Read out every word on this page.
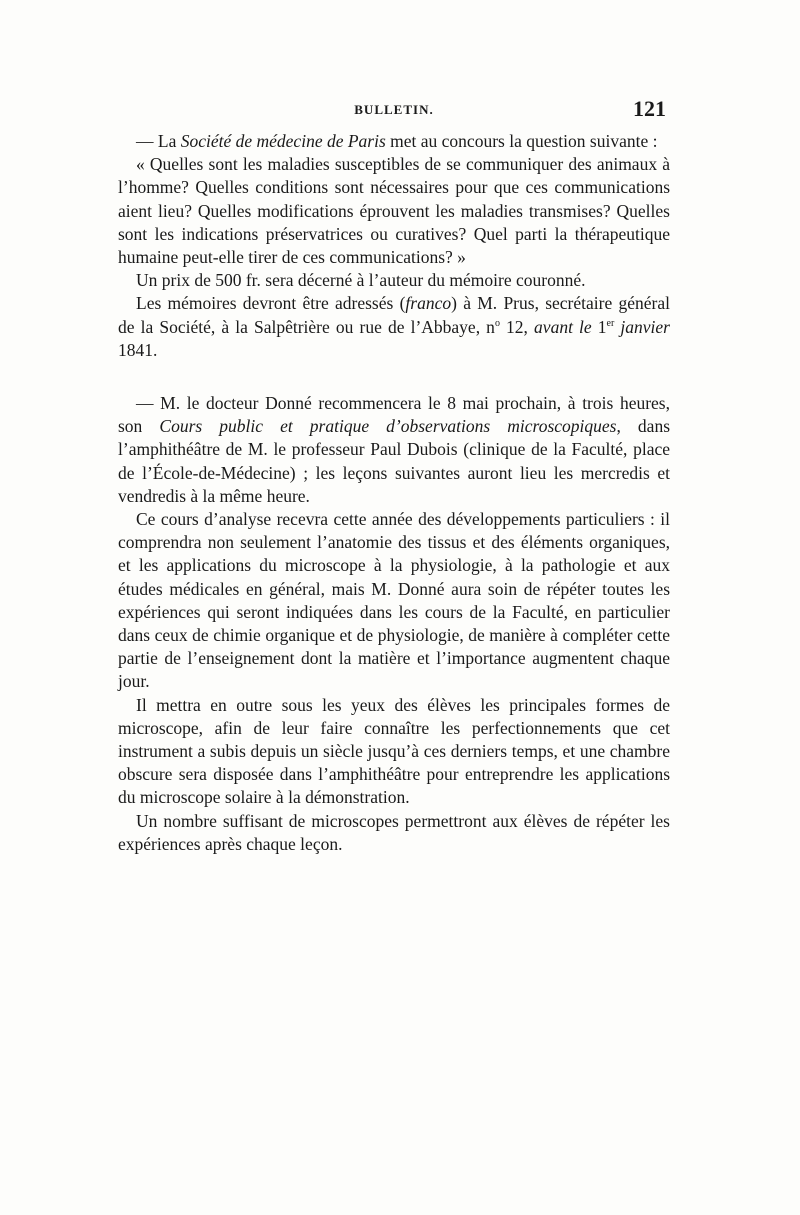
BULLETIN.	121

— La Société de médecine de Paris met au concours la question suivante :

« Quelles sont les maladies susceptibles de se communiquer des animaux à l’homme? Quelles conditions sont nécessaires pour que ces communications aient lieu? Quelles modifications éprouvent les maladies transmises? Quelles sont les indications préservatrices ou curatives? Quel parti la thérapeutique humaine peut-elle tirer de ces communications? »

Un prix de 500 fr. sera décerné à l’auteur du mémoire couronné.

Les mémoires devront être adressés (franco) à M. Prus, secrétaire général de la Société, à la Salpêtrière ou rue de l’Abbaye, $n^o$ 12, avant le 1er janvier 1841.

— M. le docteur Donné recommencera le 8 mai prochain, à trois heures, son Cours public et pratique d’observations microscopiques, dans l’amphithéâtre de M. le professeur Paul Dubois (clinique de la Faculté, place de l’École-de-Médecine) ; les leçons suivantes auront lieu les mercredis et vendredis à la même heure.

Ce cours d’analyse recevra cette année des développements particuliers : il comprendra non seulement l’anatomie des tissus et des éléments organiques, et les applications du microscope à la physiologie, à la pathologie et aux études médicales en général, mais M. Donné aura soin de répéter toutes les expériences qui seront indiquées dans les cours de la Faculté, en particulier dans ceux de chimie organique et de physiologie, de manière à compléter cette partie de l’enseignement dont la matière et l’importance augmentent chaque jour.

Il mettra en outre sous les yeux des élèves les principales formes de microscope, afin de leur faire connaître les perfectionnements que cet instrument a subis depuis un siècle jusqu’à ces derniers temps, et une chambre obscure sera disposée dans l’amphithéâtre pour entreprendre les applications du microscope solaire à la démonstration.

Un nombre suffisant de microscopes permettront aux élèves de répéter les expériences après chaque leçon.
